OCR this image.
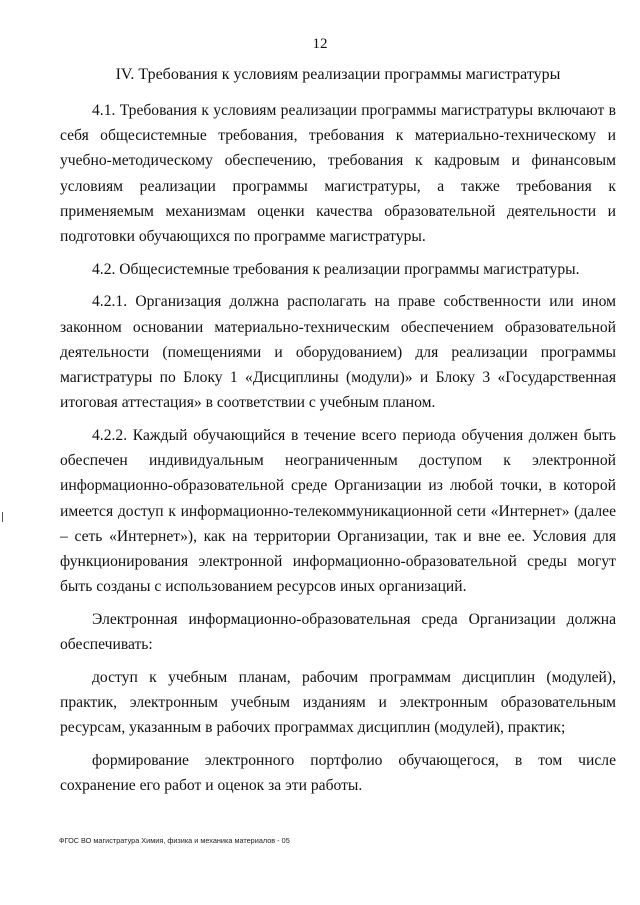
12
IV. Требования к условиям реализации программы магистратуры

4.1. Требования к условиям реализации программы магистратуры включают в себя общесистемные требования, требования к материально-техническому и учебно-методическому обеспечению, требования к кадровым и финансовым условиям реализации программы магистратуры, а также требования к применяемым механизмам оценки качества образовательной деятельности и подготовки обучающихся по программе магистратуры.

4.2. Общесистемные требования к реализации программы магистратуры.

4.2.1. Организация должна располагать на праве собственности или ином законном основании материально-техническим обеспечением образовательной деятельности (помещениями и оборудованием) для реализации программы магистратуры по Блоку 1 «Дисциплины (модули)» и Блоку 3 «Государственная итоговая аттестация» в соответствии с учебным планом.

4.2.2. Каждый обучающийся в течение всего периода обучения должен быть обеспечен индивидуальным неограниченным доступом к электронной информационно-образовательной среде Организации из любой точки, в которой имеется доступ к информационно-телекоммуникационной сети «Интернет» (далее – сеть «Интернет»), как на территории Организации, так и вне ее. Условия для функционирования электронной информационно-образовательной среды могут быть созданы с использованием ресурсов иных организаций.

Электронная информационно-образовательная среда Организации должна обеспечивать:

доступ к учебным планам, рабочим программам дисциплин (модулей), практик, электронным учебным изданиям и электронным образовательным ресурсам, указанным в рабочих программах дисциплин (модулей), практик;

формирование электронного портфолио обучающегося, в том числе сохранение его работ и оценок за эти работы.

ФГОС ВО магистратура Химия, физика и механика материалов - 05
